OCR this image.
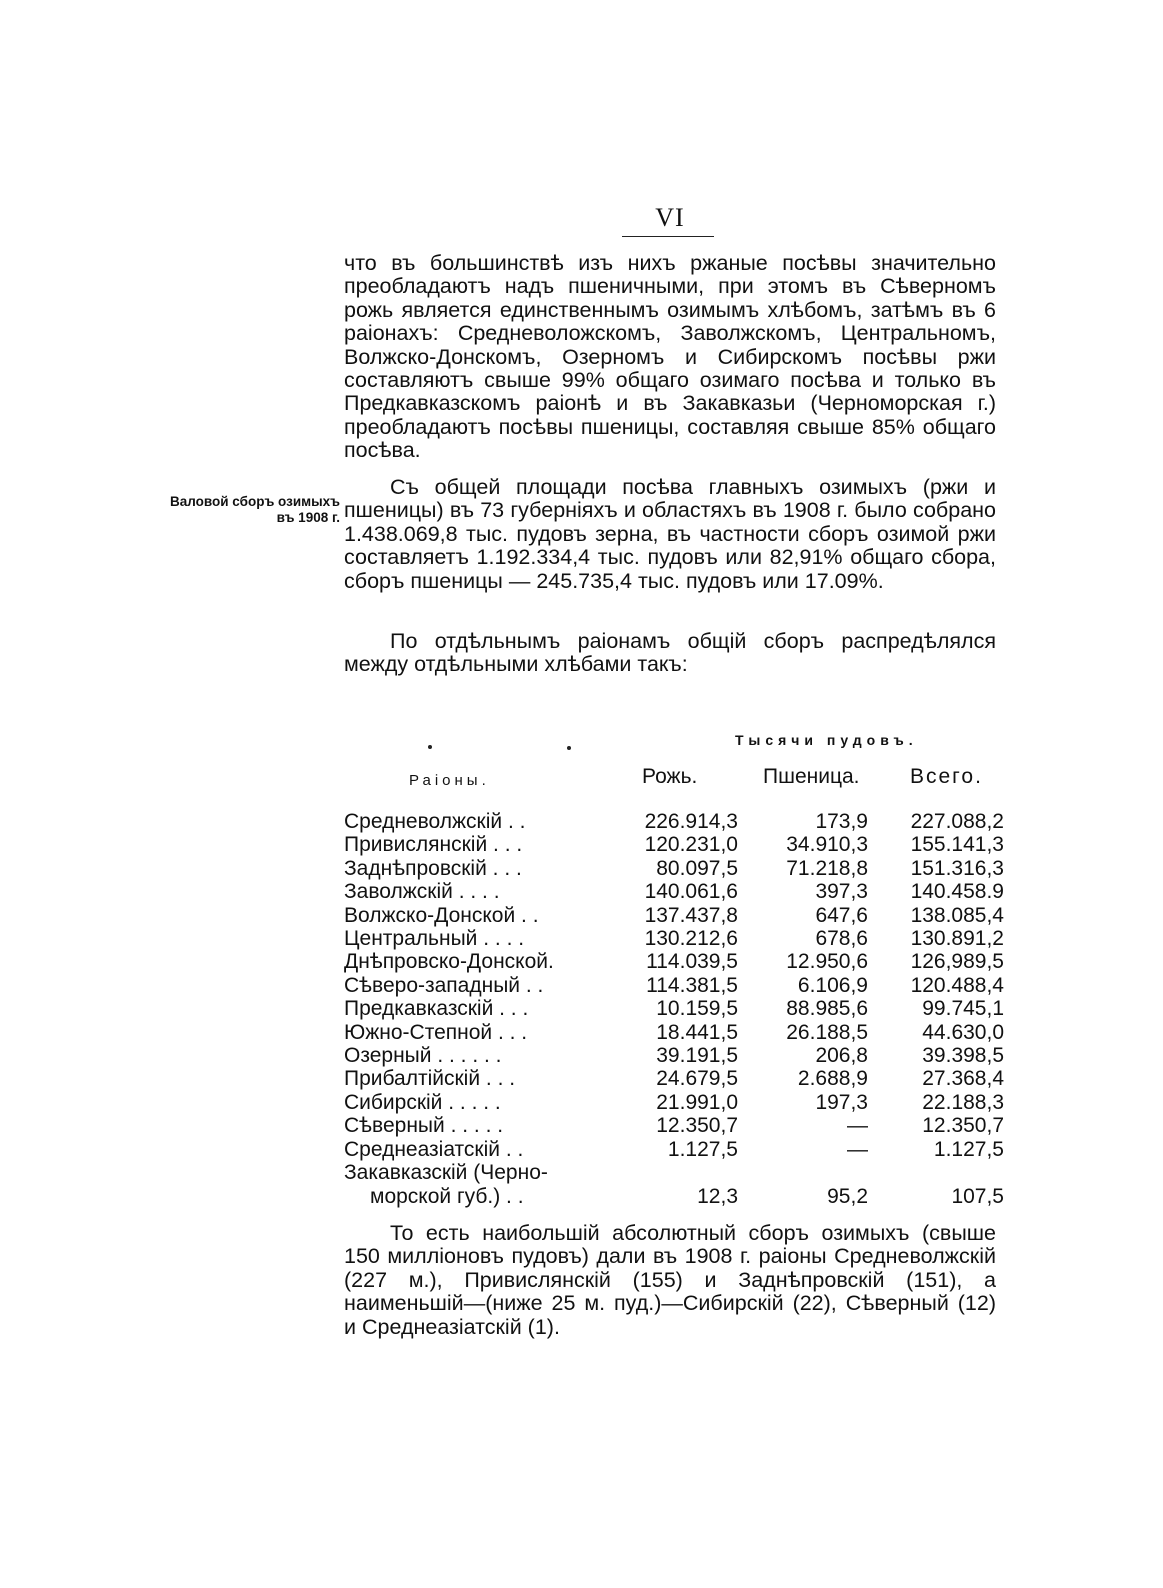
VI

что въ большинствѣ изъ нихъ ржаные посѣвы значительно преобладаютъ надъ пшеничными, при этомъ въ Сѣверномъ рожь является единственнымъ озимымъ хлѣбомъ, затѣмъ въ 6 раіонахъ: Средневоложскомъ, Заволжскомъ, Центральномъ, Волжско-Донскомъ, Озерномъ и Сибирскомъ посѣвы ржи составляютъ свыше 99% общаго озимаго посѣва и только въ Предкавказскомъ раіонѣ и въ Закавказьи (Черноморская г.) преобладаютъ посѣвы пшеницы, составляя свыше 85% общаго посѣва.

Валовой сборъ озимыхъ
въ 1908 г.

Съ общей площади посѣва главныхъ озимыхъ (ржи и пшеницы) въ 73 губерніяхъ и областяхъ въ 1908 г. было собрано 1.438.069,8 тыс. пудовъ зерна, въ частности сборъ озимой ржи составляетъ 1.192.334,4 тыс. пудовъ или 82,91% общаго сбора, сборъ пшеницы — 245.735,4 тыс. пудовъ или 17.09%.

По отдѣльнымъ раіонамъ общій сборъ распредѣлялся между отдѣльными хлѣбами такъ:

Тысячи пудовъ.
Раіоны.	Рожь.	Пшеница. Всего.
Средневолжскій . .	226.914,3	173,9	227.088,2
Привислянскій . . .	120.231,0	34.910,3	155.141,3
Заднѣпровскій . . .	80.097,5	71.218,8	151.316,3
Заволжскій . . . .	140.061,6	397,3	140.458.9
Волжско-Донской . .	137.437,8	647,6	138.085,4
Центральный . . . .	130.212,6	678,6	130.891,2
Днѣпровско-Донской.	114.039,5	12.950,6	126,989,5
Сѣверо-западный . .	114.381,5	6.106,9	120.488,4
Предкавказскій . . .	10.159,5	88.985,6	99.745,1
Южно-Степной . . .	18.441,5	26.188,5	44.630,0
Озерный . . . . . .	39.191,5	206,8	39.398,5
Прибалтійскій . . .	24.679,5	2.688,9	27.368,4
Сибирскій . . . . .	21.991,0	197,3	22.188,3
Сѣверный . . . . .	12.350,7	—	12.350,7
Среднеазіатскій . .	1.127,5	—	1.127,5
Закавказскій (Черно-			
морской губ.) . .	12,3	95,2	107,5

То есть наибольшій абсолютный сборъ озимыхъ (свыше 150 милліоновъ пудовъ) дали въ 1908 г. раіоны Средневолжскій (227 м.), Привислянскій (155) и Заднѣпровскій (151), а наименьшій—(ниже 25 м. пуд.)—Сибирскій (22), Сѣверный (12) и Среднеазіатскій (1).
